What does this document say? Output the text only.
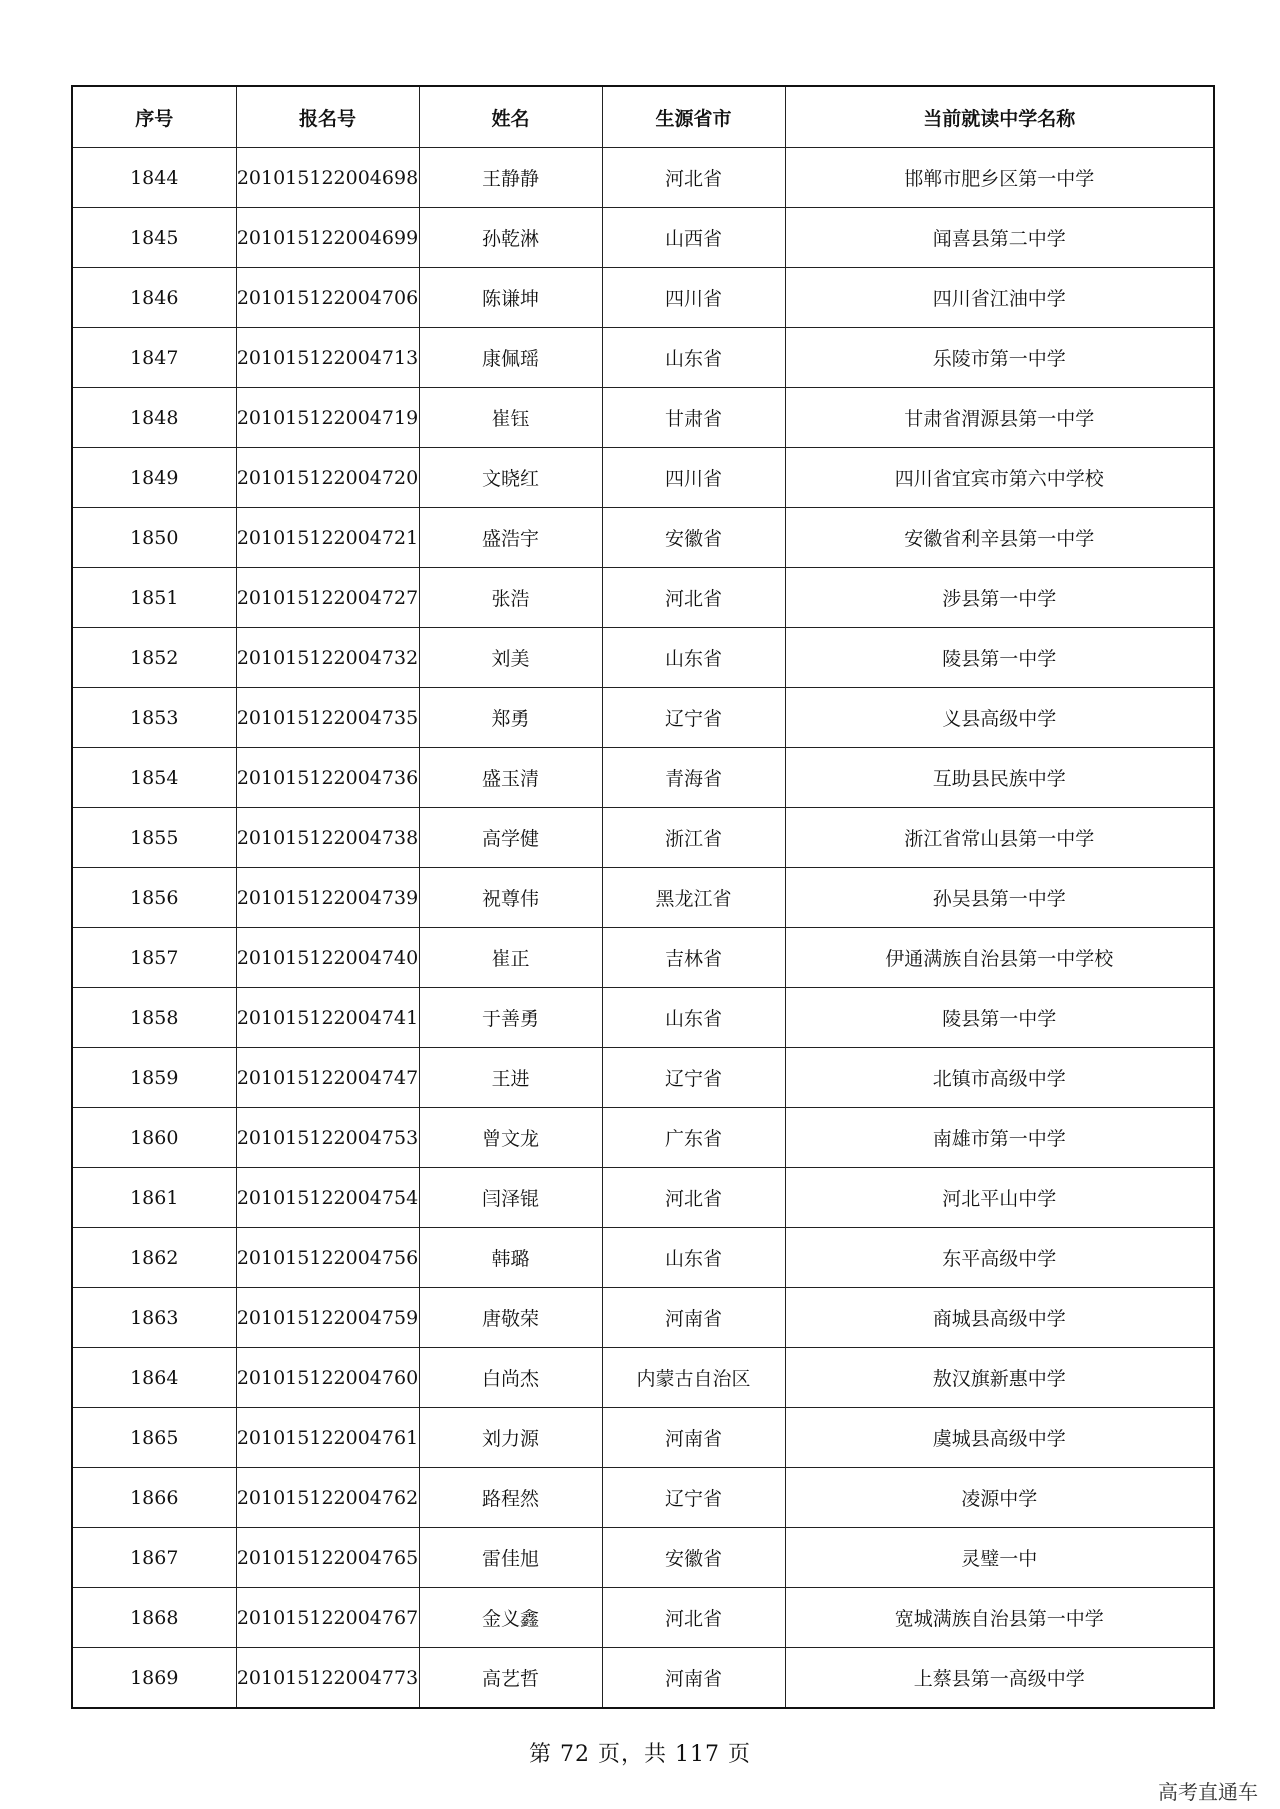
序号	报名号	姓名	生源省市	当前就读中学名称
1844	201015122004698	王静静	河北省	邯郸市肥乡区第一中学
1845	201015122004699	孙乾淋	山西省	闻喜县第二中学
1846	201015122004706	陈谦坤	四川省	四川省江油中学
1847	201015122004713	康佩瑶	山东省	乐陵市第一中学
1848	201015122004719	崔钰	甘肃省	甘肃省渭源县第一中学
1849	201015122004720	文晓红	四川省	四川省宜宾市第六中学校
1850	201015122004721	盛浩宇	安徽省	安徽省利辛县第一中学
1851	201015122004727	张浩	河北省	涉县第一中学
1852	201015122004732	刘美	山东省	陵县第一中学
1853	201015122004735	郑勇	辽宁省	义县高级中学
1854	201015122004736	盛玉清	青海省	互助县民族中学
1855	201015122004738	高学健	浙江省	浙江省常山县第一中学
1856	201015122004739	祝尊伟	黑龙江省	孙吴县第一中学
1857	201015122004740	崔正	吉林省	伊通满族自治县第一中学校
1858	201015122004741	于善勇	山东省	陵县第一中学
1859	201015122004747	王进	辽宁省	北镇市高级中学
1860	201015122004753	曾文龙	广东省	南雄市第一中学
1861	201015122004754	闫泽锟	河北省	河北平山中学
1862	201015122004756	韩璐	山东省	东平高级中学
1863	201015122004759	唐敬荣	河南省	商城县高级中学
1864	201015122004760	白尚杰	内蒙古自治区	敖汉旗新惠中学
1865	201015122004761	刘力源	河南省	虞城县高级中学
1866	201015122004762	路程然	辽宁省	凌源中学
1867	201015122004765	雷佳旭	安徽省	灵璧一中
1868	201015122004767	金义鑫	河北省	宽城满族自治县第一中学
1869	201015122004773	高艺哲	河南省	上蔡县第一高级中学
第 72 页，共 117 页
高考直通车
